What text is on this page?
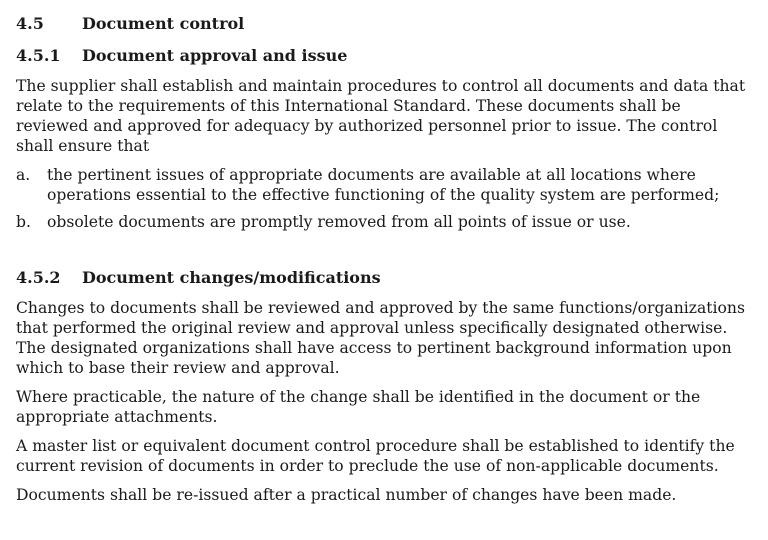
4.5	Document control
4.5.1	Document approval and issue

The supplier shall establish and maintain procedures to control all documents and data that relate to the requirements of this International Standard. These documents shall be reviewed and approved for adequacy by authorized personnel prior to issue. The control shall ensure that

a.	the pertinent issues of appropriate documents are available at all locations where operations essential to the effective functioning of the quality system are performed;
b.	obsolete documents are promptly removed from all points of issue or use.
4.5.2	Document changes/modifications

Changes to documents shall be reviewed and approved by the same functions/organizations that performed the original review and approval unless specifically designated otherwise. The designated organizations shall have access to pertinent background information upon which to base their review and approval.

Where practicable, the nature of the change shall be identified in the document or the appropriate attachments.

A master list or equivalent document control procedure shall be established to identify the current revision of documents in order to preclude the use of non-applicable documents.

Documents shall be re-issued after a practical number of changes have been made.
